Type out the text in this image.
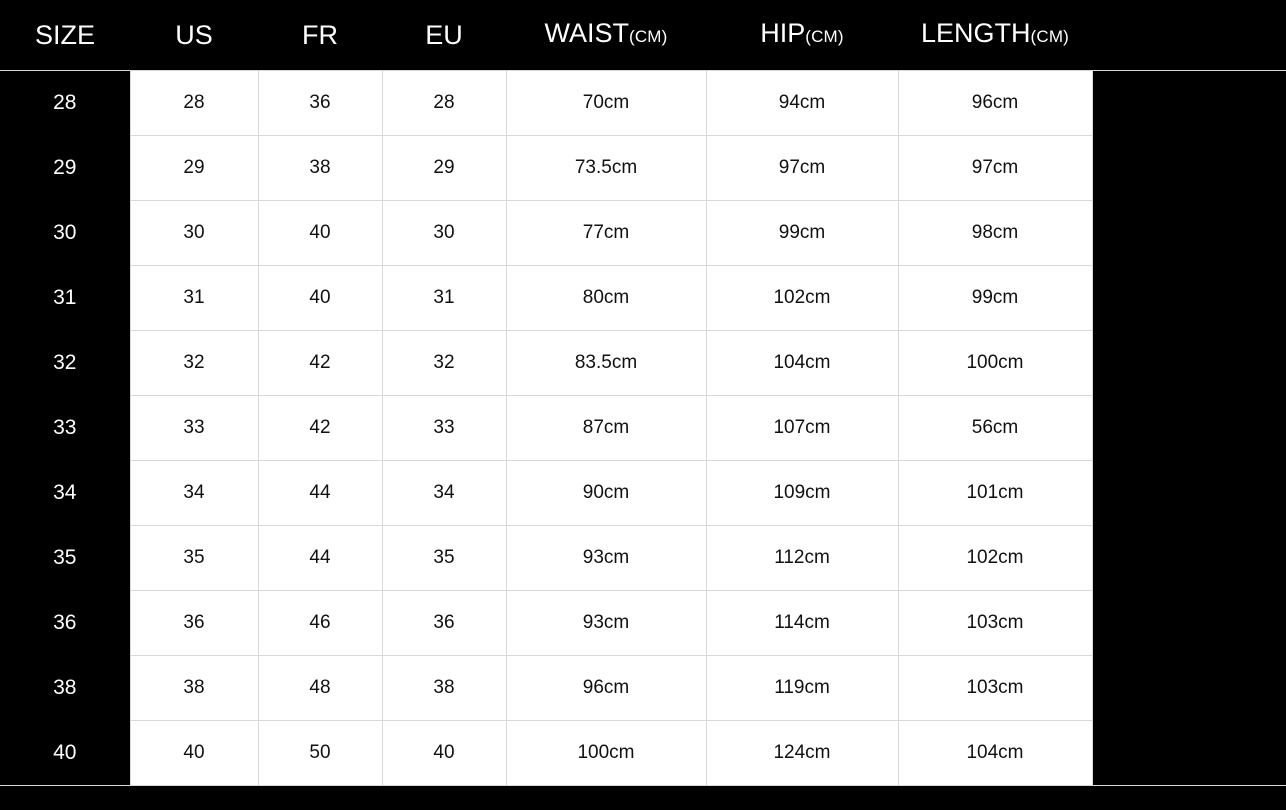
SIZE	US	FR	EU	WAIST(CM)	HIP(CM)	LENGTH(CM)	
28	28	36	28	70cm	94cm	96cm	
29	29	38	29	73.5cm	97cm	97cm	
30	30	40	30	77cm	99cm	98cm	
31	31	40	31	80cm	102cm	99cm	
32	32	42	32	83.5cm	104cm	100cm	
33	33	42	33	87cm	107cm	56cm	
34	34	44	34	90cm	109cm	101cm	
35	35	44	35	93cm	112cm	102cm	
36	36	46	36	93cm	114cm	103cm	
38	38	48	38	96cm	119cm	103cm	
40	40	50	40	100cm	124cm	104cm	
